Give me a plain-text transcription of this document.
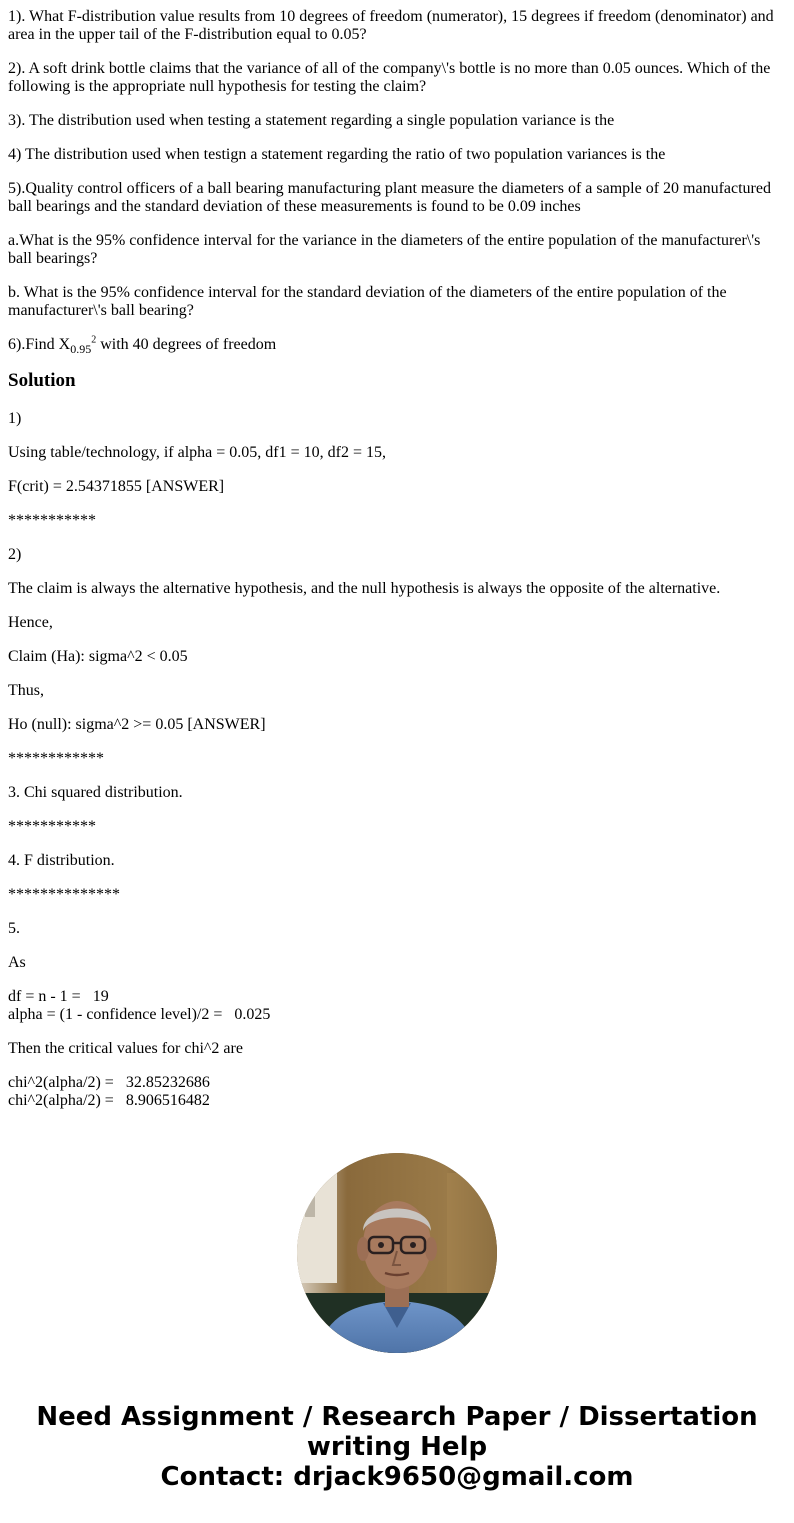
1). What F-distribution value results from 10 degrees of freedom (numerator), 15 degrees if freedom (denominator) and area in the upper tail of the F-distribution equal to 0.05?

2). A soft drink bottle claims that the variance of all of the company\'s bottle is no more than 0.05 ounces. Which of the following is the appropriate null hypothesis for testing the claim?

3). The distribution used when testing a statement regarding a single population variance is the

4) The distribution used when testign a statement regarding the ratio of two population variances is the

5).Quality control officers of a ball bearing manufacturing plant measure the diameters of a sample of 20 manufactured ball bearings and the standard deviation of these measurements is found to be 0.09 inches

a.What is the 95% confidence interval for the variance in the diameters of the entire population of the manufacturer\'s ball bearings?

b. What is the 95% confidence interval for the standard deviation of the diameters of the entire population of the manufacturer\'s ball bearing?

6).Find $X_{0.95}^2$ with 40 degrees of freedom

Solution

1)

Using table/technology, if alpha = 0.05, df1 = 10, df2 = 15,

F(crit) = 2.54371855 [ANSWER]

***********

2)

The claim is always the alternative hypothesis, and the null hypothesis is always the opposite of the alternative.

Hence,

Claim (Ha): sigma^2 < 0.05

Thus,

Ho (null): sigma^2 >= 0.05 [ANSWER]

************

3. Chi squared distribution.

***********

4. F distribution.

**************

5.

As

df = n - 1 = 19
alpha = (1 - confidence level)/2 = 0.025

Then the critical values for chi^2 are

chi^2(alpha/2) = 32.85232686
chi^2(alpha/2) = 8.906516482

Need Assignment / Research Paper / Dissertation writing Help
Contact: drjack9650@gmail.com
